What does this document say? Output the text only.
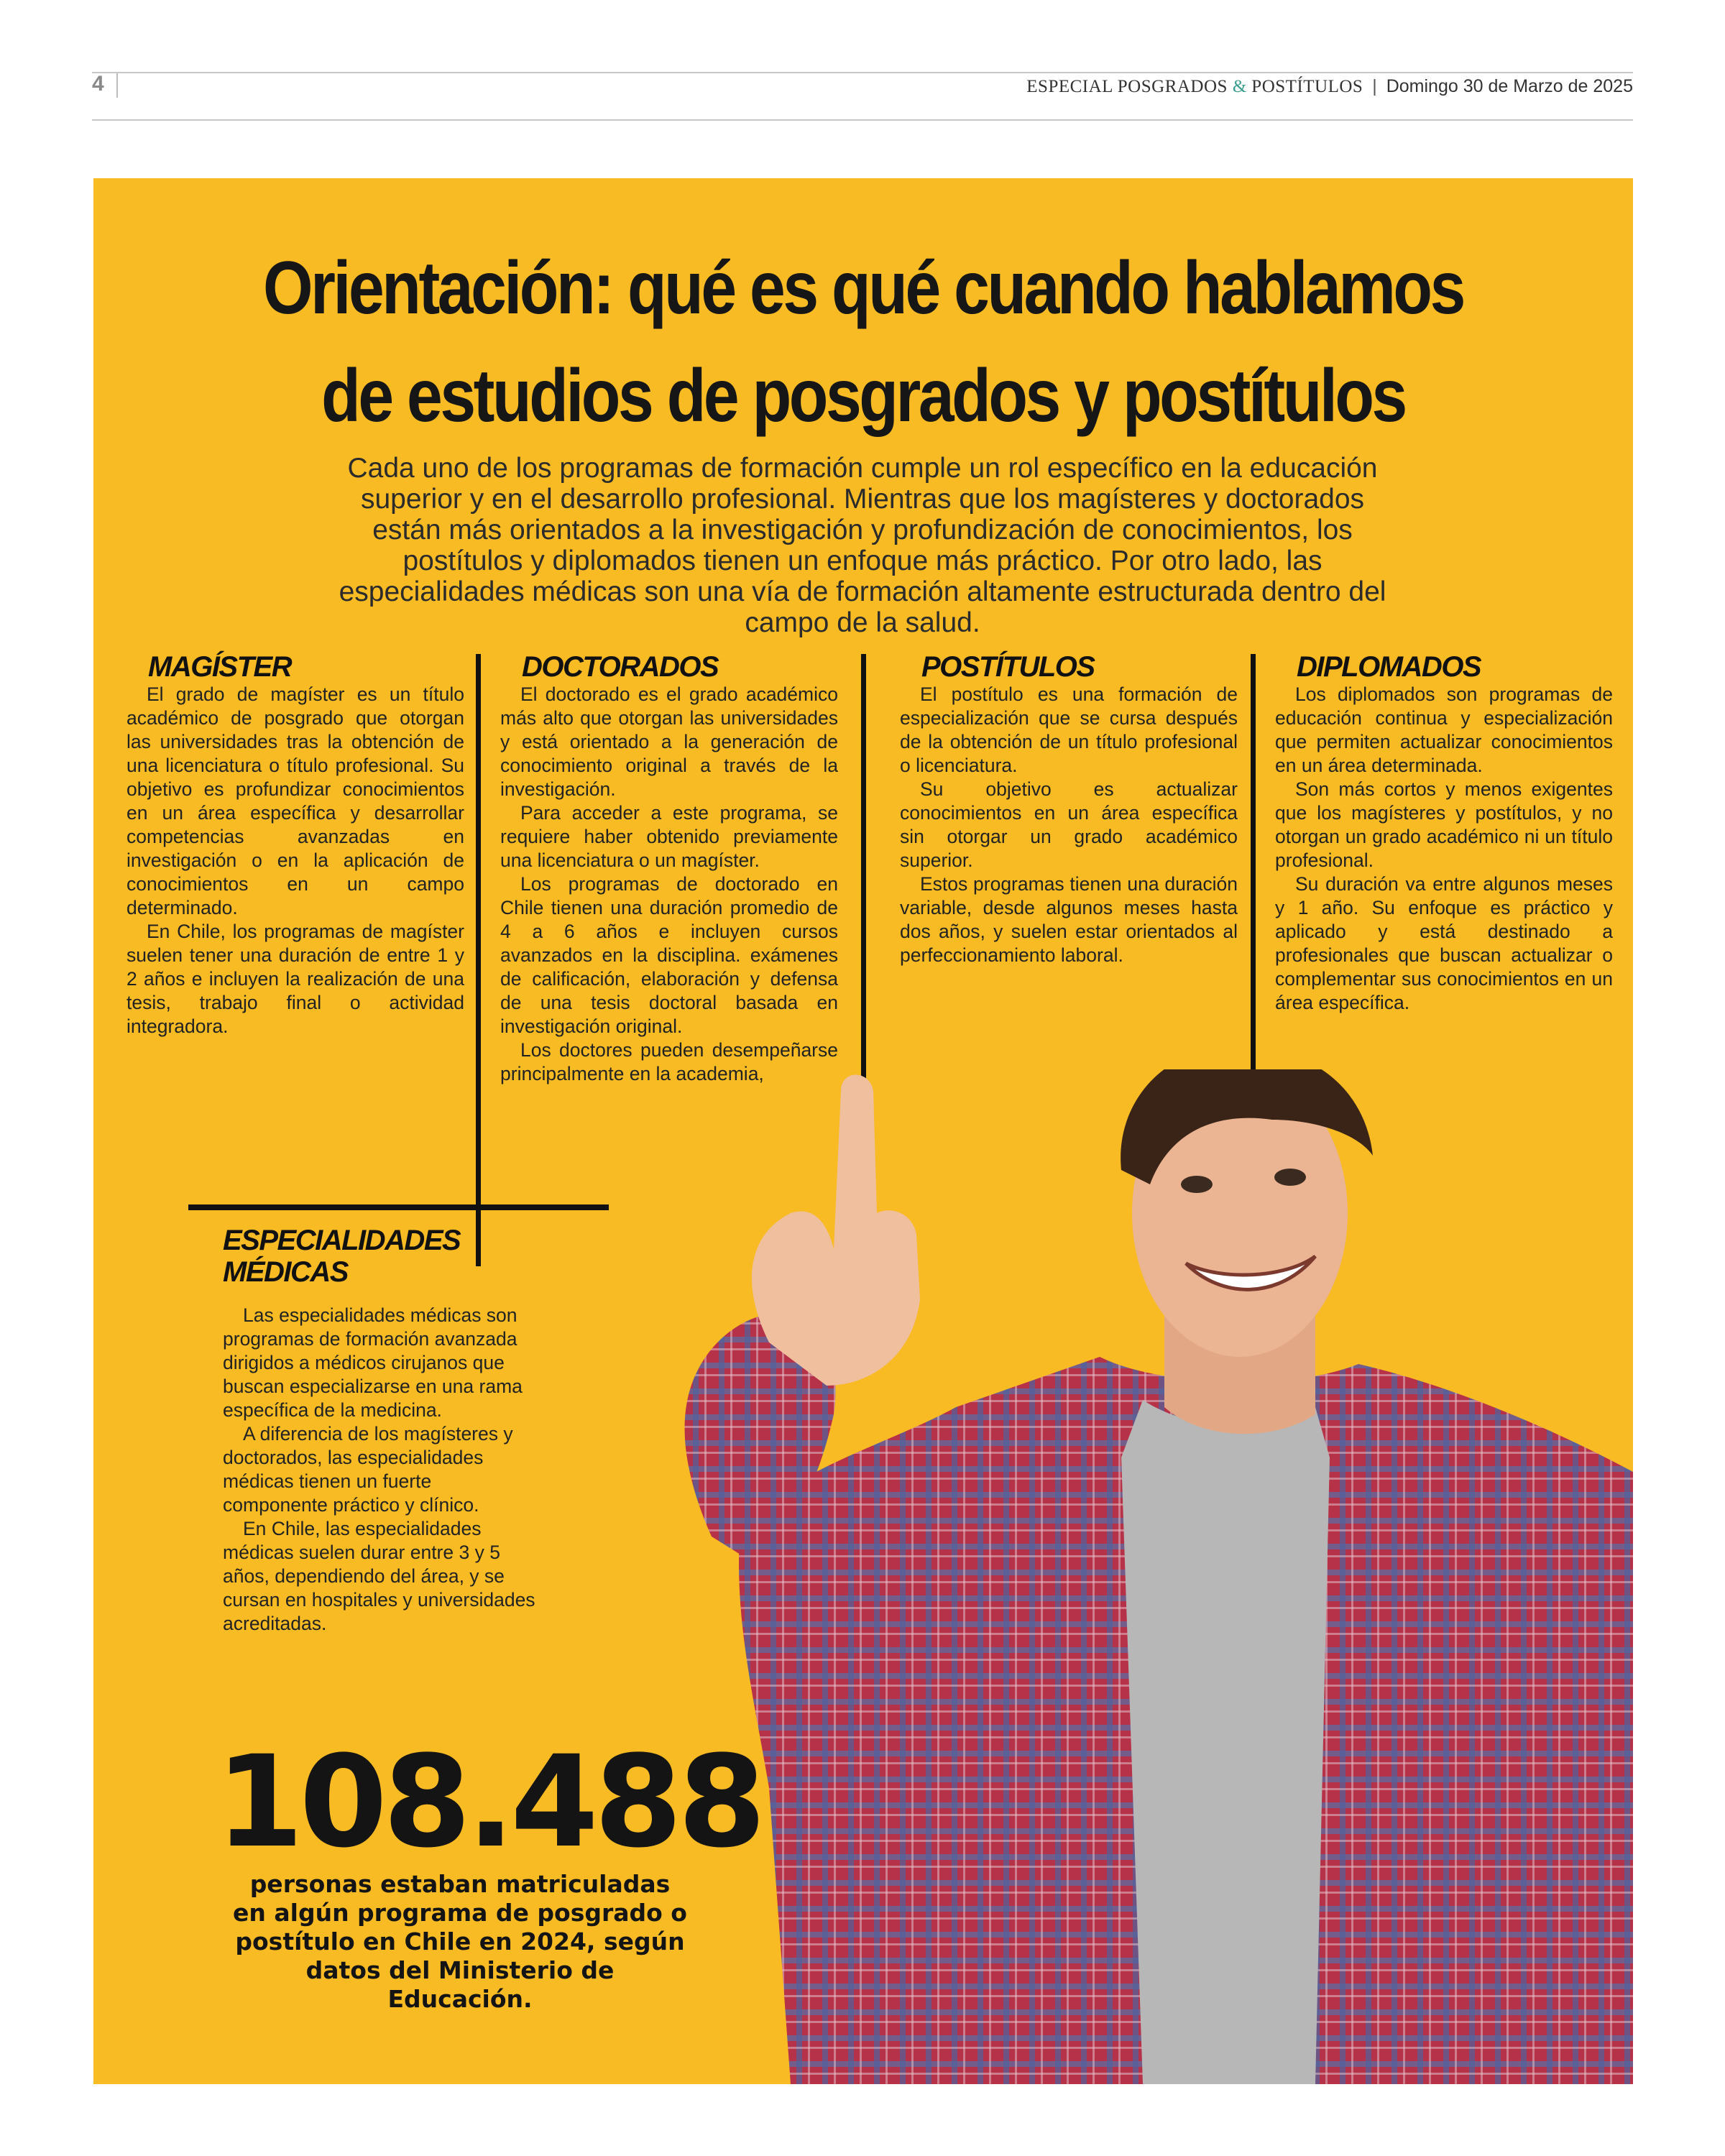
4	ESPECIAL POSGRADOS & POSTÍTULOS | Domingo 30 de Marzo de 2025
Orientación: qué es qué cuando hablamos
de estudios de posgrados y postítulos
Cada uno de los programas de formación cumple un rol específico en la educación superior y en el desarrollo profesional. Mientras que los magísteres y doctorados están más orientados a la investigación y profundización de conocimientos, los postítulos y diplomados tienen un enfoque más práctico. Por otro lado, las especialidades médicas son una vía de formación altamente estructurada dentro del campo de la salud.
MAGÍSTER

El grado de magíster es un título académico de posgrado que otorgan las universidades tras la obtención de una licenciatura o título profesional. Su objetivo es profundizar conocimientos en un área específica y desarrollar competencias avanzadas en investigación o en la aplicación de conocimientos en un campo determinado.

En Chile, los programas de magíster suelen tener una duración de entre 1 y 2 años e incluyen la realización de una tesis, trabajo final o actividad integradora.

DOCTORADOS

El doctorado es el grado académico más alto que otorgan las universidades y está orientado a la generación de conocimiento original a través de la investigación.

Para acceder a este programa, se requiere haber obtenido previamente una licenciatura o un magíster.

Los programas de doctorado en Chile tienen una duración promedio de 4 a 6 años e incluyen cursos avanzados en la disciplina. exámenes de calificación, elaboración y defensa de una tesis doctoral basada en investigación original.

Los doctores pueden desempeñarse principalmente en la academia,

POSTÍTULOS

El postítulo es una formación de especialización que se cursa después de la obtención de un título profesional o licenciatura.

Su objetivo es actualizar conocimientos en un área específica sin otorgar un grado académico superior.

Estos programas tienen una duración variable, desde algunos meses hasta dos años, y suelen estar orientados al perfeccionamiento laboral.

DIPLOMADOS

Los diplomados son programas de educación continua y especialización que permiten actualizar conocimientos en un área determinada.

Son más cortos y menos exigentes que los magísteres y postítulos, y no otorgan un grado académico ni un título profesional.

Su duración va entre algunos meses y 1 año. Su enfoque es práctico y aplicado y está destinado a profesionales que buscan actualizar o complementar sus conocimientos en un área específica.

ESPECIALIDADES
MÉDICAS

Las especialidades médicas son programas de formación avanzada dirigidos a médicos cirujanos que buscan especializarse en una rama específica de la medicina.

A diferencia de los magísteres y doctorados, las especialidades médicas tienen un fuerte componente práctico y clínico.

En Chile, las especialidades médicas suelen durar entre 3 y 5 años, dependiendo del área, y se cursan en hospitales y universidades acreditadas.

108.488
personas estaban matriculadas en algún programa de posgrado o postítulo en Chile en 2024, según datos del Ministerio de Educación.
